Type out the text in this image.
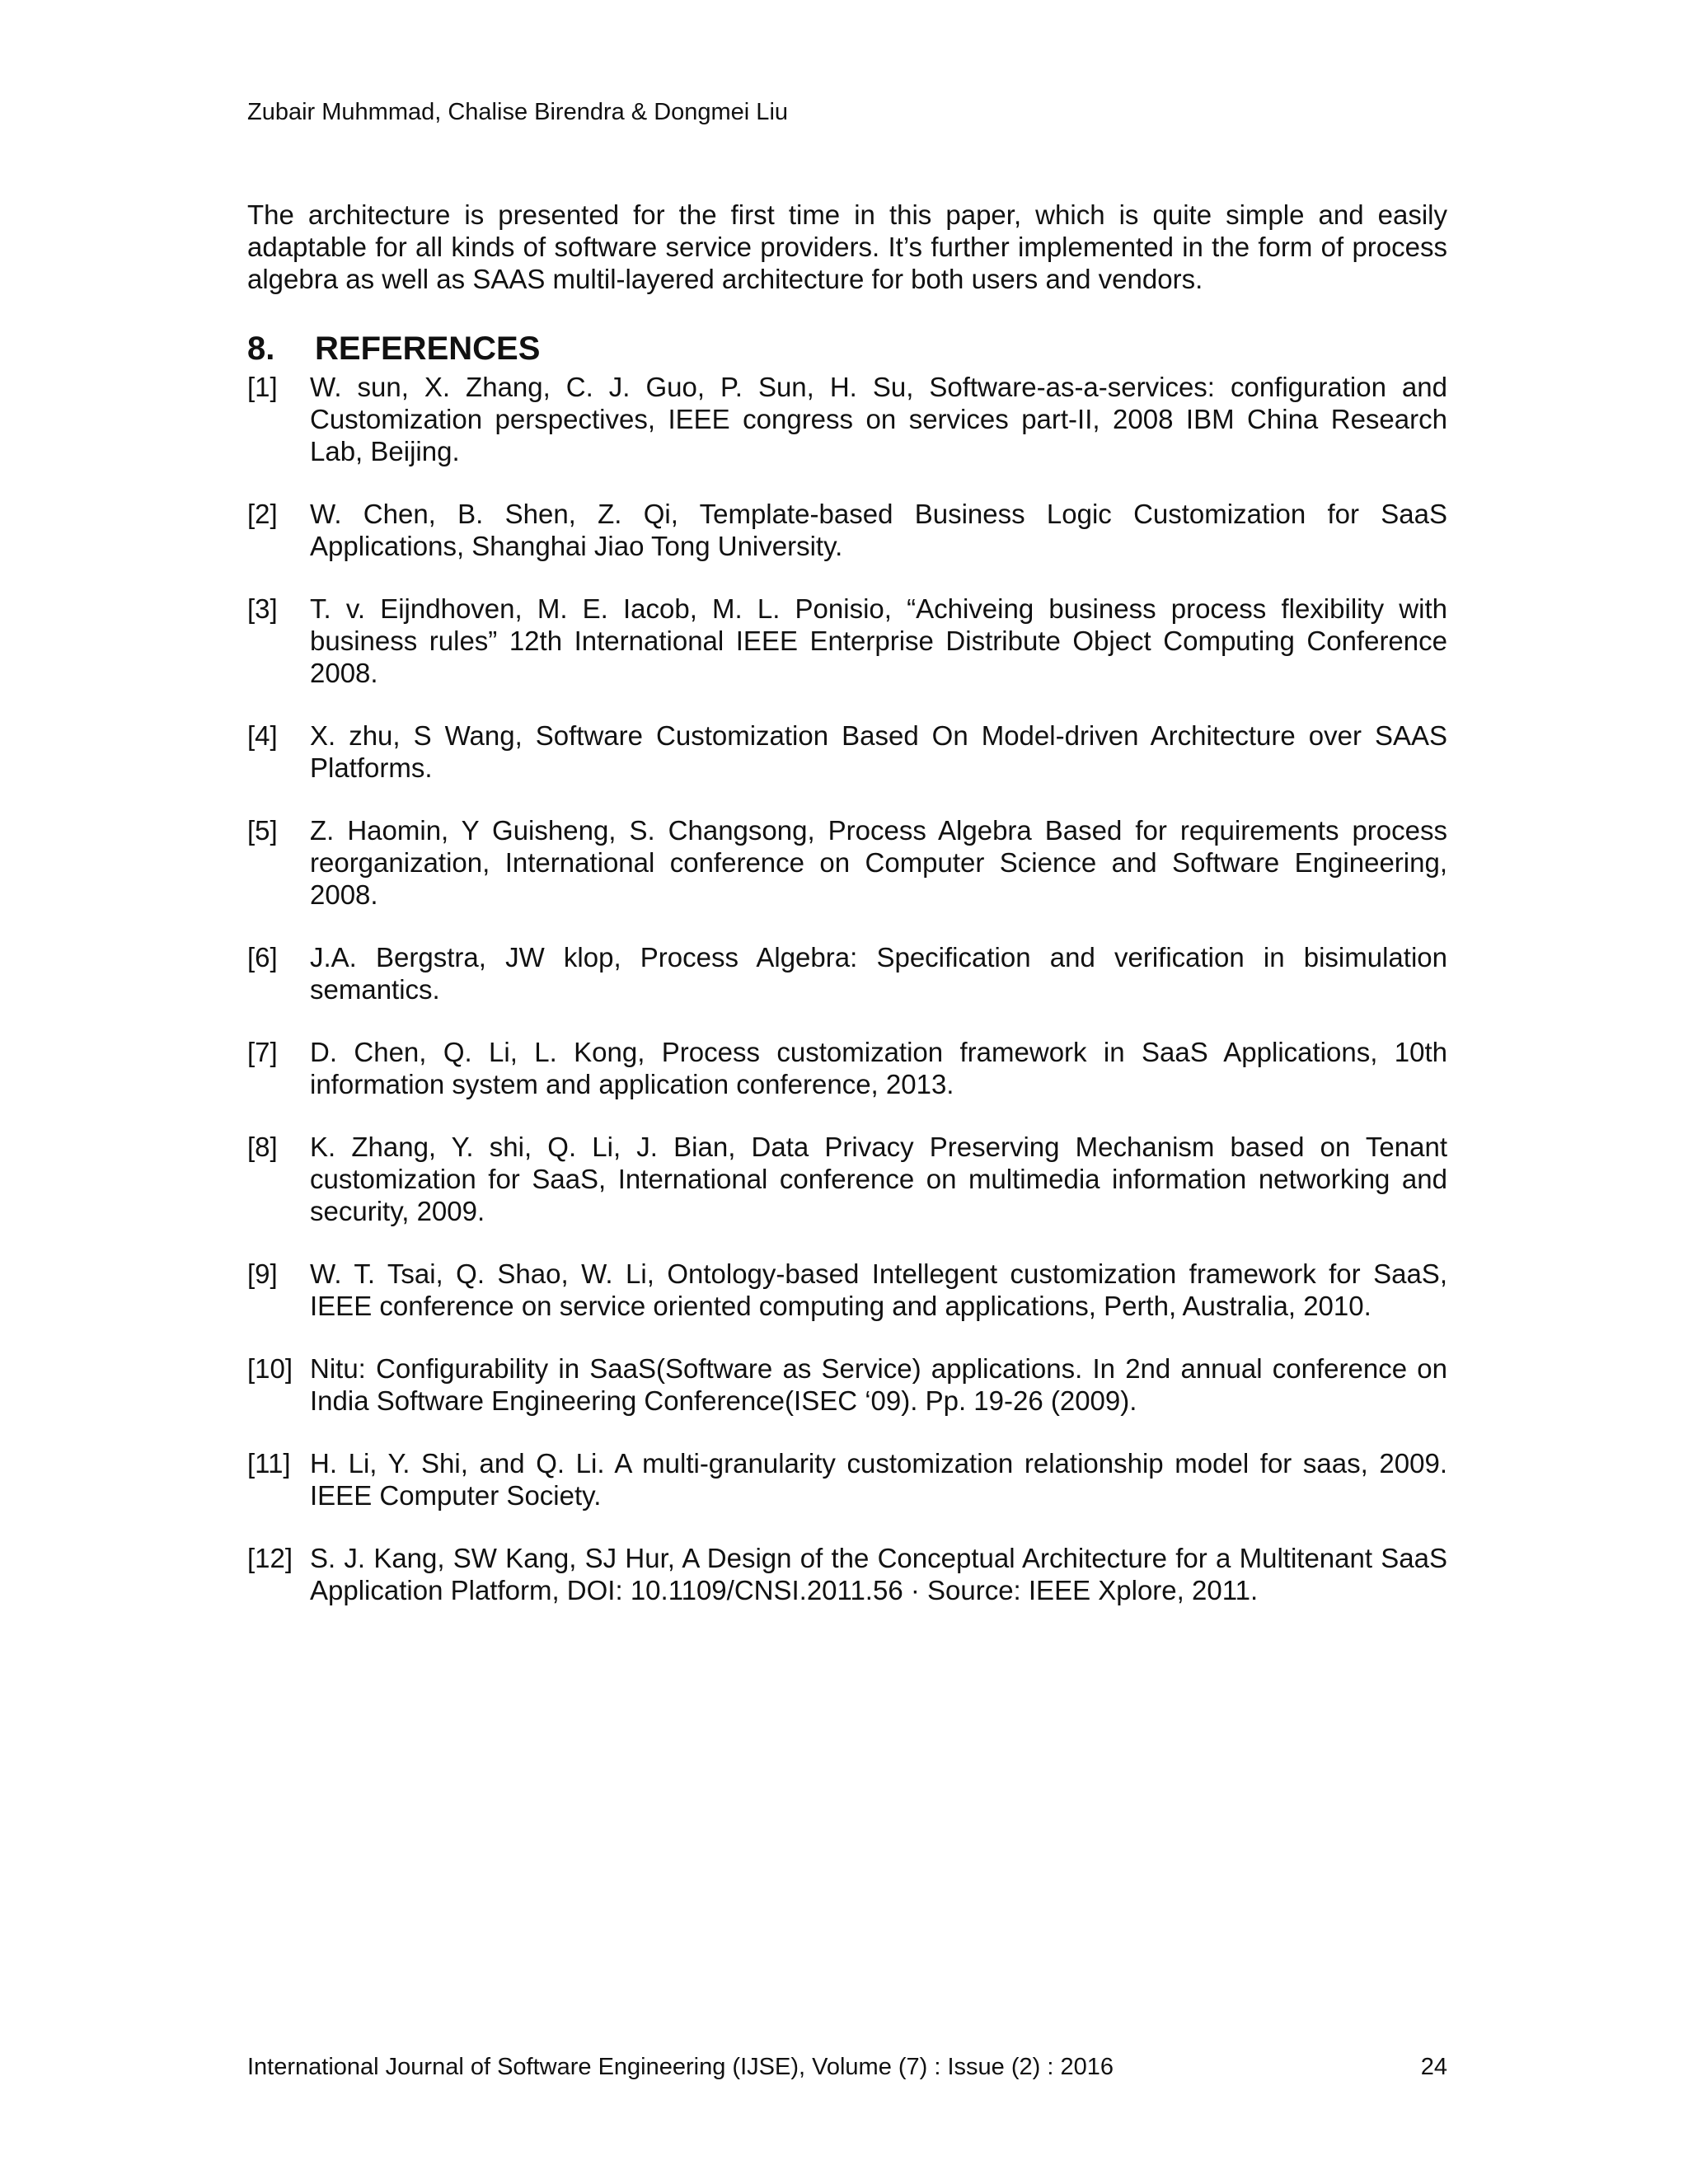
Zubair Muhmmad, Chalise Birendra & Dongmei Liu

The architecture is presented for the first time in this paper, which is quite simple and easily adaptable for all kinds of software service providers. It’s further implemented in the form of process algebra as well as SAAS multil-layered architecture for both users and vendors.

8. REFERENCES
[1] W. sun, X. Zhang, C. J. Guo, P. Sun, H. Su, Software-as-a-services: configuration and Customization perspectives, IEEE congress on services part-II, 2008 IBM China Research Lab, Beijing.
[2] W. Chen, B. Shen, Z. Qi, Template-based Business Logic Customization for SaaS Applications, Shanghai Jiao Tong University.
[3] T. v. Eijndhoven, M. E. Iacob, M. L. Ponisio, “Achiveing business process flexibility with business rules” 12th International IEEE Enterprise Distribute Object Computing Conference 2008.
[4] X. zhu, S Wang, Software Customization Based On Model-driven Architecture over SAAS Platforms.
[5] Z. Haomin, Y Guisheng, S. Changsong, Process Algebra Based for requirements process reorganization, International conference on Computer Science and Software Engineering, 2008.
[6] J.A. Bergstra, JW klop, Process Algebra: Specification and verification in bisimulation semantics.
[7] D. Chen, Q. Li, L. Kong, Process customization framework in SaaS Applications, 10th information system and application conference, 2013.
[8] K. Zhang, Y. shi, Q. Li, J. Bian, Data Privacy Preserving Mechanism based on Tenant customization for SaaS, International conference on multimedia information networking and security, 2009.
[9] W. T. Tsai, Q. Shao, W. Li, Ontology-based Intellegent customization framework for SaaS, IEEE conference on service oriented computing and applications, Perth, Australia, 2010.
[10] Nitu: Configurability in SaaS(Software as Service) applications. In 2nd annual conference on India Software Engineering Conference(ISEC ‘09). Pp. 19-26 (2009).
[11] H. Li, Y. Shi, and Q. Li. A multi-granularity customization relationship model for saas, 2009. IEEE Computer Society.
[12] S. J. Kang, SW Kang, SJ Hur, A Design of the Conceptual Architecture for a Multitenant SaaS Application Platform, DOI: 10.1109/CNSI.2011.56 · Source: IEEE Xplore, 2011.
International Journal of Software Engineering (IJSE), Volume (7) : Issue (2) : 2016	24
